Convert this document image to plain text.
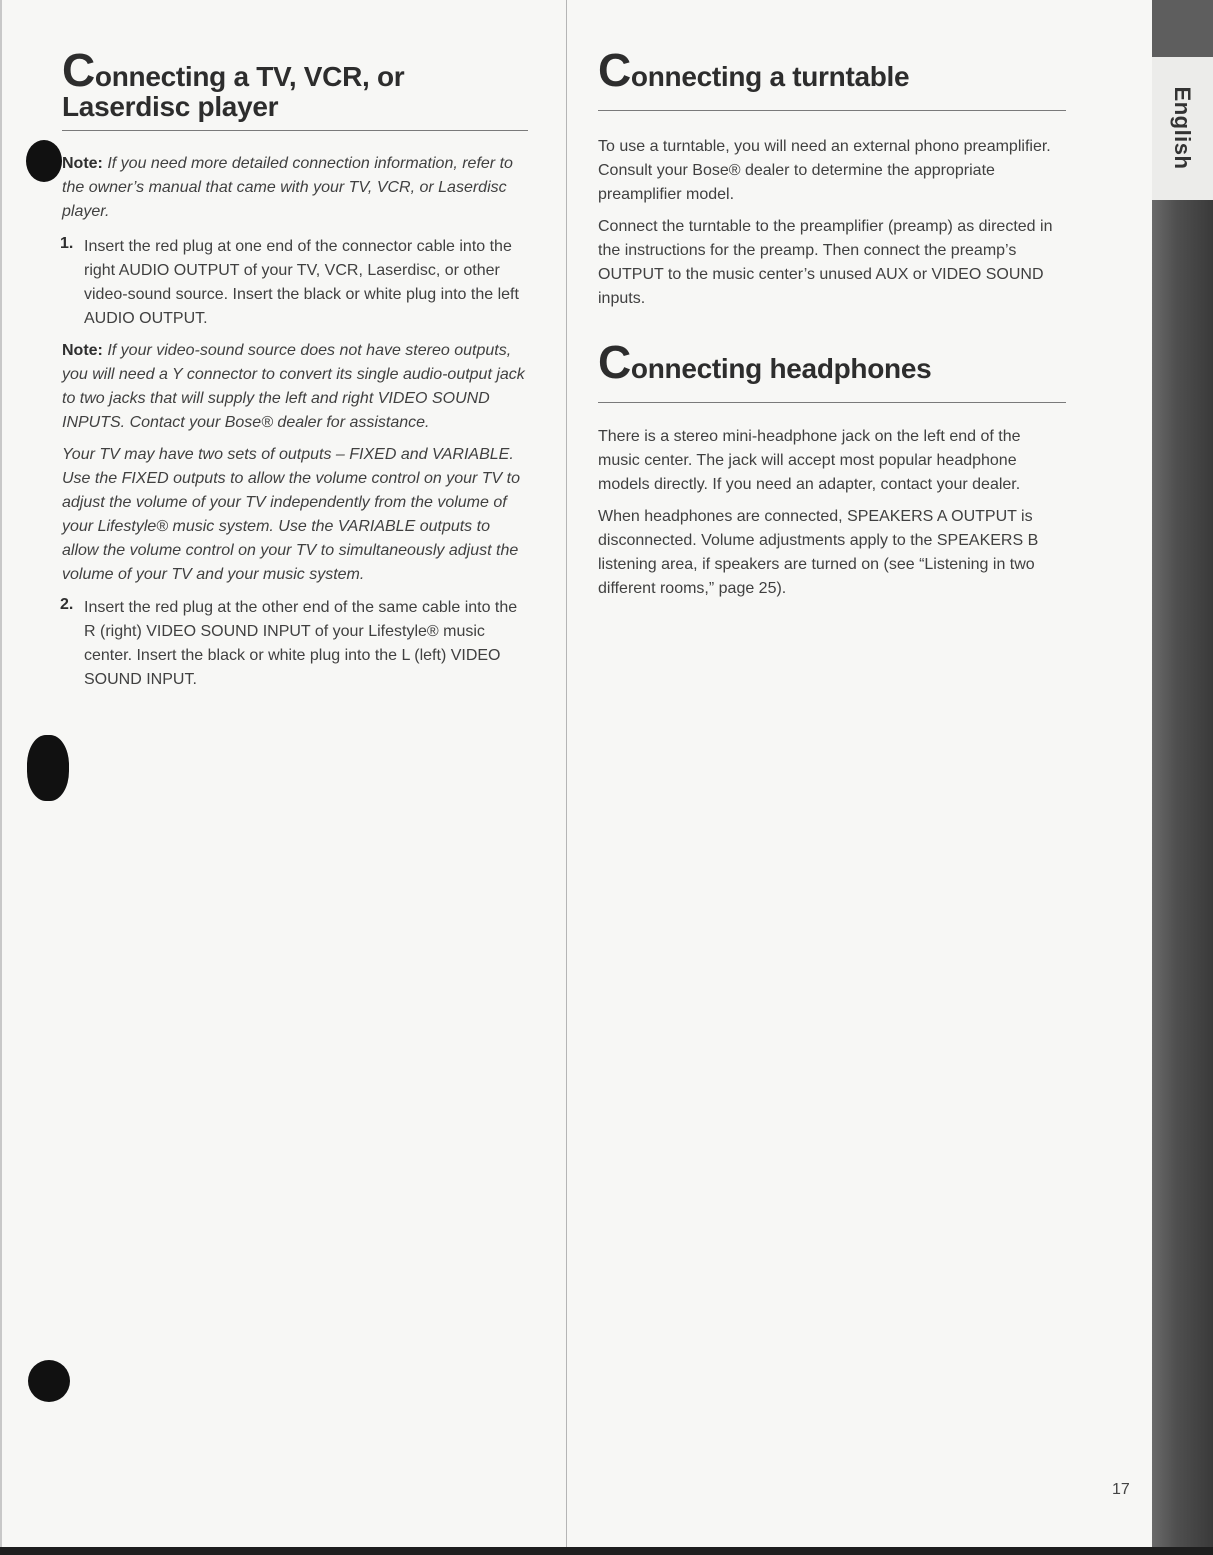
English
Connecting a TV, VCR, or
Laserdisc player

Note: If you need more detailed connection information, refer to the owner’s manual that came with your TV, VCR, or Laserdisc player.

1. Insert the red plug at one end of the connector cable into the right AUDIO OUTPUT of your TV, VCR, Laserdisc, or other video-sound source. Insert the black or white plug into the left AUDIO OUTPUT.

Note: If your video-sound source does not have stereo outputs, you will need a Y connector to convert its single audio-output jack to two jacks that will supply the left and right VIDEO SOUND INPUTS. Contact your Bose® dealer for assistance.

Your TV may have two sets of outputs – FIXED and VARIABLE. Use the FIXED outputs to allow the volume control on your TV to adjust the volume of your TV independently from the volume of your Lifestyle® music system. Use the VARIABLE outputs to allow the volume control on your TV to simultaneously adjust the volume of your TV and your music system.

2. Insert the red plug at the other end of the same cable into the R (right) VIDEO SOUND INPUT of your Lifestyle® music center. Insert the black or white plug into the L (left) VIDEO SOUND INPUT.

Connecting a turntable

To use a turntable, you will need an external phono preamplifier. Consult your Bose® dealer to determine the appropriate preamplifier model.

Connect the turntable to the preamplifier (preamp) as directed in the instructions for the preamp. Then connect the preamp’s OUTPUT to the music center’s unused AUX or VIDEO SOUND inputs.

Connecting headphones

There is a stereo mini-headphone jack on the left end of the music center. The jack will accept most popular headphone models directly. If you need an adapter, contact your dealer.

When headphones are connected, SPEAKERS A OUTPUT is disconnected. Volume adjustments apply to the SPEAKERS B listening area, if speakers are turned on (see “Listening in two different rooms,” page 25).

17
